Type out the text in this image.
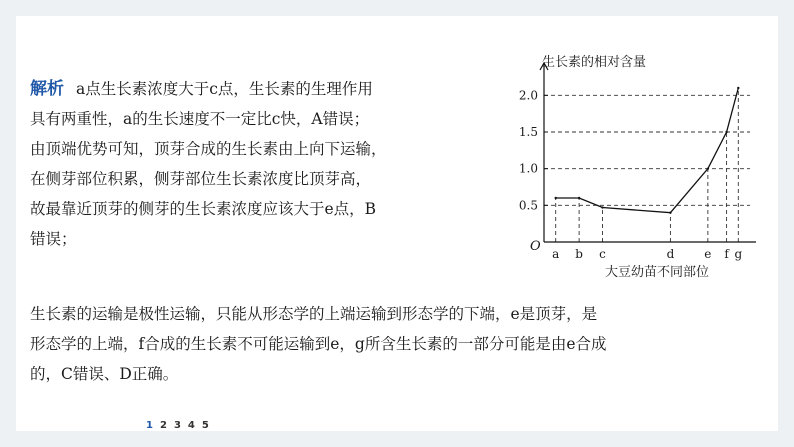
解析 a点生长素浓度大于c点，生长素的生理作用
具有两重性，a的生长速度不一定比c快，A错误；
由顶端优势可知，顶芽合成的生长素由上向下运输，
在侧芽部位积累，侧芽部位生长素浓度比顶芽高，
故最靠近顶芽的侧芽的生长素浓度应该大于e点，B
错误；

0.5
1.0
1.5
2.0
O a b c	d	e f g
生长素的相对含量
大豆幼苗不同部位

生长素的运输是极性运输，只能从形态学的上端运输到形态学的下端，e是顶芽，是
形态学的上端，f合成的生长素不可能运输到e，g所含生长素的一部分可能是由e合成
的，C错误、D正确。

1 2 3 4 5
